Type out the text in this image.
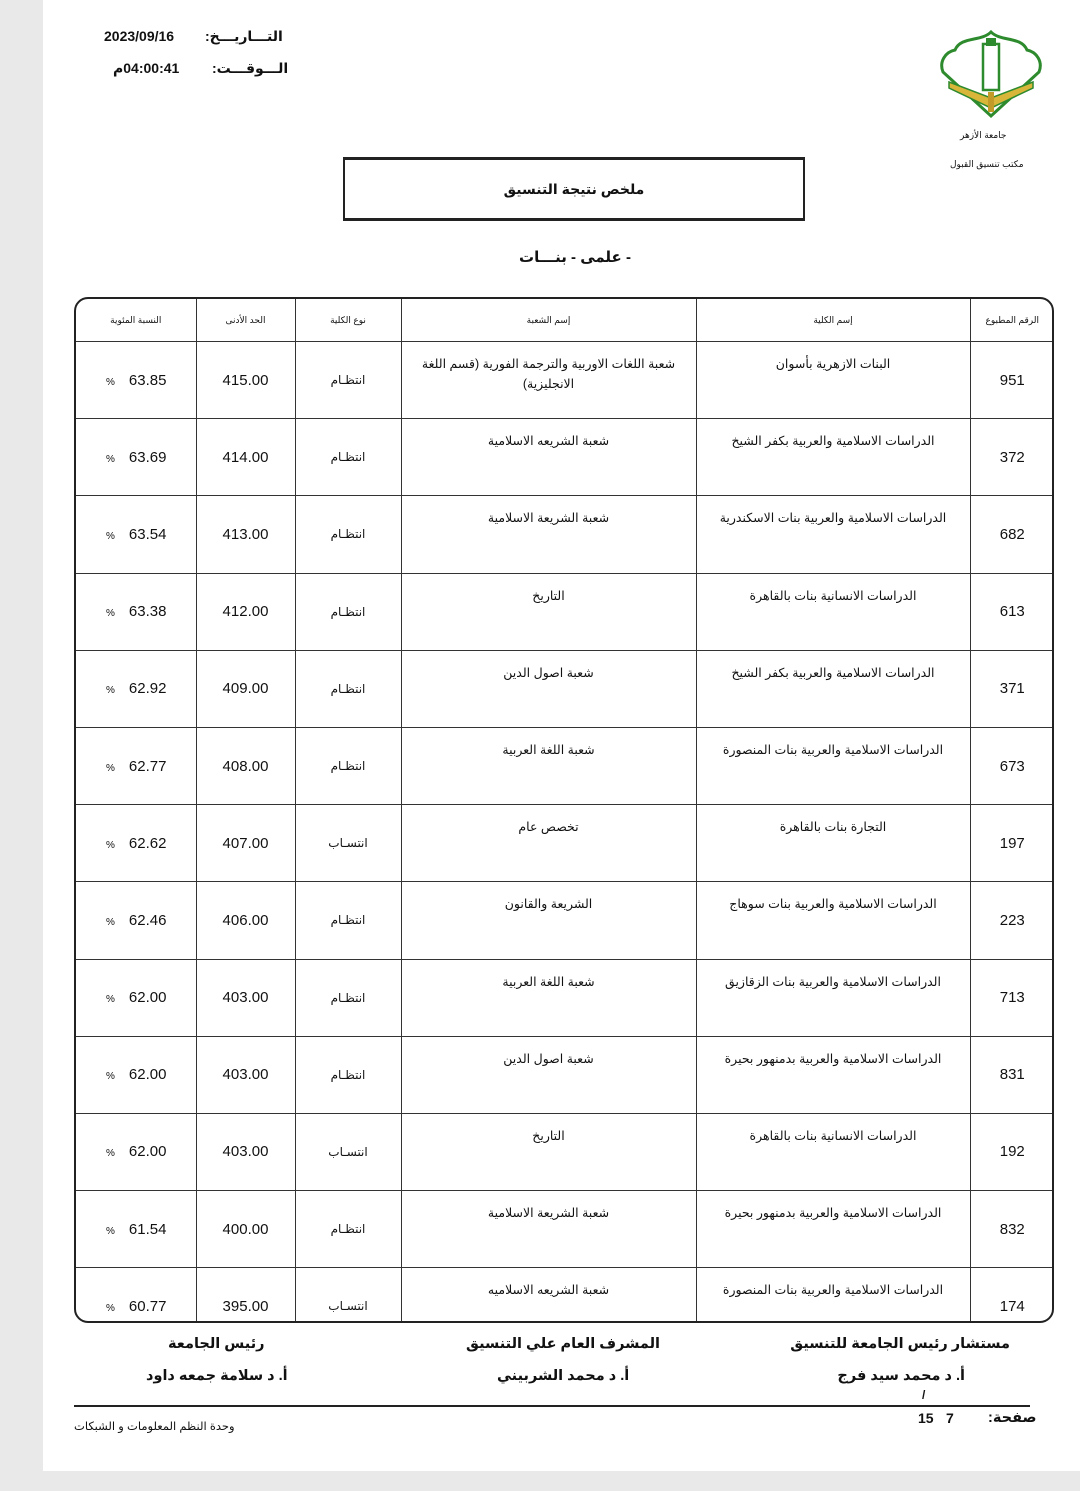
التـــاريـــخ:
2023/09/16
الـــوقـــت:
04:00:41م
جامعة الأزهر
مكتب تنسيق القبول
ملخص نتيجة التنسيق
- علمى - بنـــات
الرقم المطبوع	إسم الكلية	إسم الشعبة	نوع الكلية	الحد الأدنى	النسبة المئوية
951	البنات الازهرية بأسوان	شعبة اللغات الاوربية والترجمة الفورية (قسم اللغة الانجليزية)	انتظـام	415.00	% 63.85
372	الدراسات الاسلامية والعربية بكفر الشيخ	شعبة الشريعه الاسلامية	انتظـام	414.00	% 63.69
682	الدراسات الاسلامية والعربية بنات الاسكندرية	شعبة الشريعة الاسلامية	انتظـام	413.00	% 63.54
613	الدراسات الانسانية بنات بالقاهرة	التاريخ	انتظـام	412.00	% 63.38
371	الدراسات الاسلامية والعربية بكفر الشيخ	شعبة اصول الدين	انتظـام	409.00	% 62.92
673	الدراسات الاسلامية والعربية بنات المنصورة	شعبة اللغة العربية	انتظـام	408.00	% 62.77
197	التجارة بنات بالقاهرة	تخصص عام	انتسـاب	407.00	% 62.62
223	الدراسات الاسلامية والعربية بنات سوهاج	الشريعة والقانون	انتظـام	406.00	% 62.46
713	الدراسات الاسلامية والعربية بنات الزقازيق	شعبة اللغة العربية	انتظـام	403.00	% 62.00
831	الدراسات الاسلامية والعربية بدمنهور بحيرة	شعبة اصول الدين	انتظـام	403.00	% 62.00
192	الدراسات الانسانية بنات بالقاهرة	التاريخ	انتسـاب	403.00	% 62.00
832	الدراسات الاسلامية والعربية بدمنهور بحيرة	شعبة الشريعة الاسلامية	انتظـام	400.00	% 61.54
174	الدراسات الاسلامية والعربية بنات المنصورة	شعبة الشريعه الاسلاميه	انتسـاب	395.00	% 60.77

مستشار رئيس الجامعة للتنسيق
أ. د محمد سيد فرج
/
المشرف العام علي التنسيق
أ. د محمد الشربيني
رئيس الجامعة
أ. د سلامة جمعه داود
صفحة:
7
15
وحدة النظم المعلومات و الشبكات
